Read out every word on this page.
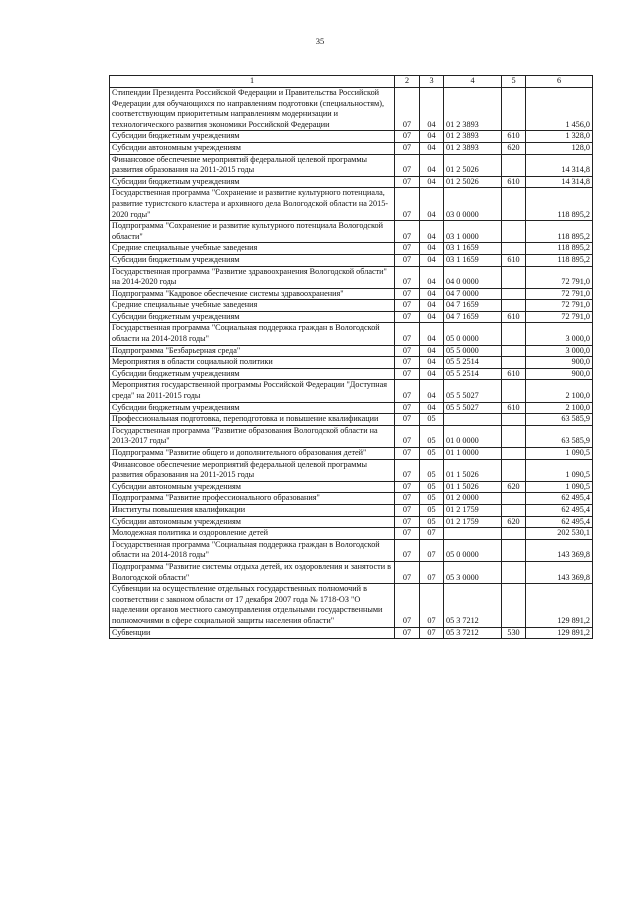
35
1	2	3	4	5	6
Стипендии Президента Российской Федерации и Правительства Российской Федерации для обучающихся по направлениям подготовки (специальностям), соответствующим приоритетным направлениям модернизации и технологического развития экономики Российской Федерации	07	04	01 2 3893		1 456,0
Субсидии бюджетным учреждениям	07	04	01 2 3893	610	1 328,0
Субсидии автономным учреждениям	07	04	01 2 3893	620	128,0
Финансовое обеспечение мероприятий федеральной целевой программы развития образования на 2011-2015 годы	07	04	01 2 5026		14 314,8
Субсидии бюджетным учреждениям	07	04	01 2 5026	610	14 314,8
Государственная программа "Сохранение и развитие культурного потенциала, развитие туристского кластера и архивного дела Вологодской области на 2015-2020 годы"	07	04	03 0 0000		118 895,2
Подпрограмма "Сохранение и развитие культурного потенциала Вологодской области"	07	04	03 1 0000		118 895,2
Средние специальные учебные заведения	07	04	03 1 1659		118 895,2
Субсидии бюджетным учреждениям	07	04	03 1 1659	610	118 895,2
Государственная программа "Развитие здравоохранения Вологодской области" на 2014-2020 годы	07	04	04 0 0000		72 791,0
Подпрограмма "Кадровое обеспечение системы здравоохранения"	07	04	04 7 0000		72 791,0
Средние специальные учебные заведения	07	04	04 7 1659		72 791,0
Субсидии бюджетным учреждениям	07	04	04 7 1659	610	72 791,0
Государственная программа "Социальная поддержка граждан в Вологодской области на 2014-2018 годы"	07	04	05 0 0000		3 000,0
Подпрограмма "Безбарьерная среда"	07	04	05 5 0000		3 000,0
Мероприятия в области социальной политики	07	04	05 5 2514		900,0
Субсидии бюджетным учреждениям	07	04	05 5 2514	610	900,0
Мероприятия государственной программы Российской Федерации "Доступная среда" на 2011-2015 годы	07	04	05 5 5027		2 100,0
Субсидии бюджетным учреждениям	07	04	05 5 5027	610	2 100,0
Профессиональная подготовка, переподготовка и повышение квалификации	07	05			63 585,9
Государственная программа "Развитие образования Вологодской области на 2013-2017 годы"	07	05	01 0 0000		63 585,9
Подпрограмма "Развитие общего и дополнительного образования детей"	07	05	01 1 0000		1 090,5
Финансовое обеспечение мероприятий федеральной целевой программы развития образования на 2011-2015 годы	07	05	01 1 5026		1 090,5
Субсидии автономным учреждениям	07	05	01 1 5026	620	1 090,5
Подпрограмма "Развитие профессионального образования"	07	05	01 2 0000		62 495,4
Институты повышения квалификации	07	05	01 2 1759		62 495,4
Субсидии автономным учреждениям	07	05	01 2 1759	620	62 495,4
Молодежная политика и оздоровление детей	07	07			202 530,1
Государственная программа "Социальная поддержка граждан в Вологодской области на 2014-2018 годы"	07	07	05 0 0000		143 369,8
Подпрограмма "Развитие системы отдыха детей, их оздоровления и занятости в Вологодской области"	07	07	05 3 0000		143 369,8
Субвенции на осуществление отдельных государственных полномочий в соответствии с законом области от 17 декабря 2007 года № 1718-ОЗ "О наделении органов местного самоуправления отдельными государственными полномочиями в сфере социальной защиты населения области"	07	07	05 3 7212		129 891,2
Субвенции	07	07	05 3 7212	530	129 891,2
